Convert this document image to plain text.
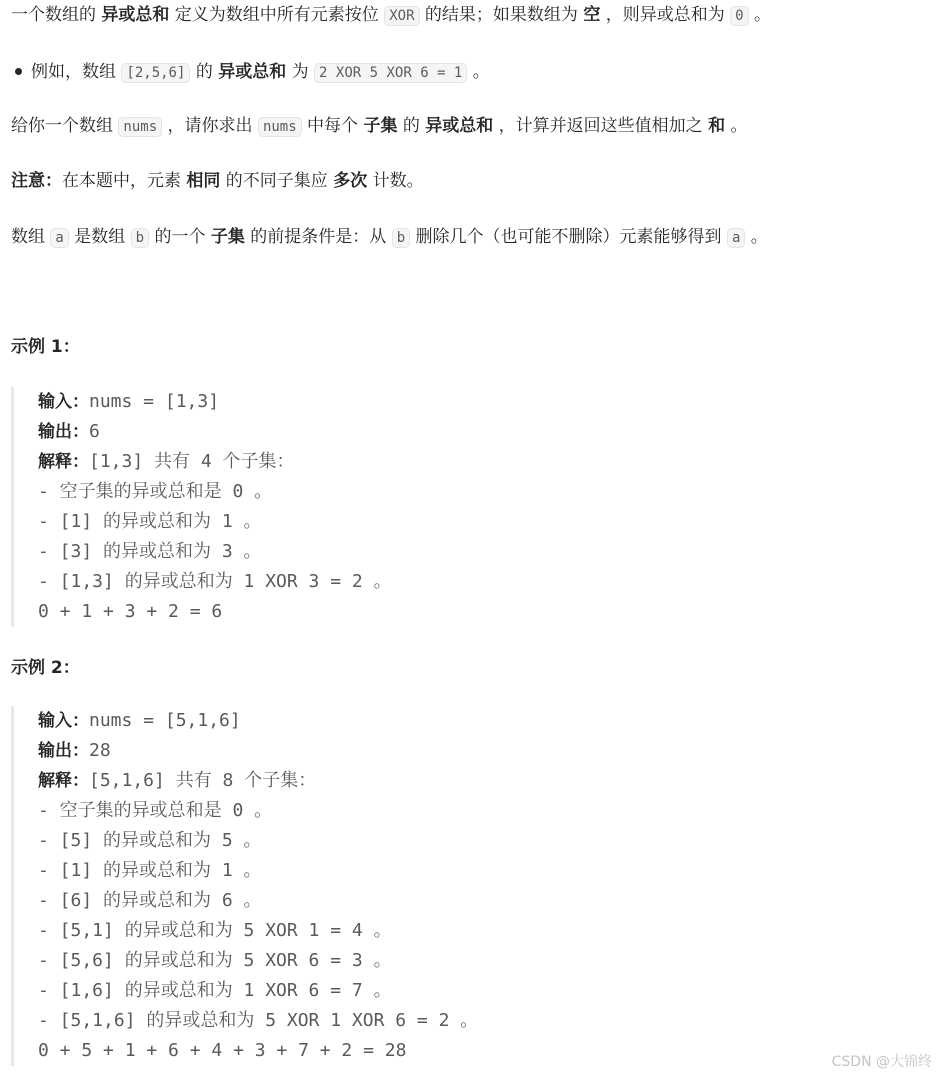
一个数组的 异或总和 定义为数组中所有元素按位 XOR 的结果；如果数组为 空 ，则异或总和为 0 。
例如，数组 [2,5,6] 的 异或总和 为 2 XOR 5 XOR 6 = 1 。
给你一个数组 nums ，请你求出 nums 中每个 子集 的 异或总和 ，计算并返回这些值相加之 和 。
注意：在本题中，元素 相同 的不同子集应 多次 计数。
数组 a 是数组 b 的一个 子集 的前提条件是：从 b 删除几个（也可能不删除）元素能够得到 a 。
示例 1：
输入：nums = [1,3]
输出：6
解释：[1,3] 共有 4 个子集：
- 空子集的异或总和是 0 。
- [1] 的异或总和为 1 。
- [3] 的异或总和为 3 。
- [1,3] 的异或总和为 1 XOR 3 = 2 。
0 + 1 + 3 + 2 = 6
示例 2：
输入：nums = [5,1,6]
输出：28
解释：[5,1,6] 共有 8 个子集：
- 空子集的异或总和是 0 。
- [5] 的异或总和为 5 。
- [1] 的异或总和为 1 。
- [6] 的异或总和为 6 。
- [5,1] 的异或总和为 5 XOR 1 = 4 。
- [5,6] 的异或总和为 5 XOR 6 = 3 。
- [1,6] 的异或总和为 1 XOR 6 = 7 。
- [5,1,6] 的异或总和为 5 XOR 1 XOR 6 = 2 。
0 + 5 + 1 + 6 + 4 + 3 + 7 + 2 = 28
CSDN @大锦终
